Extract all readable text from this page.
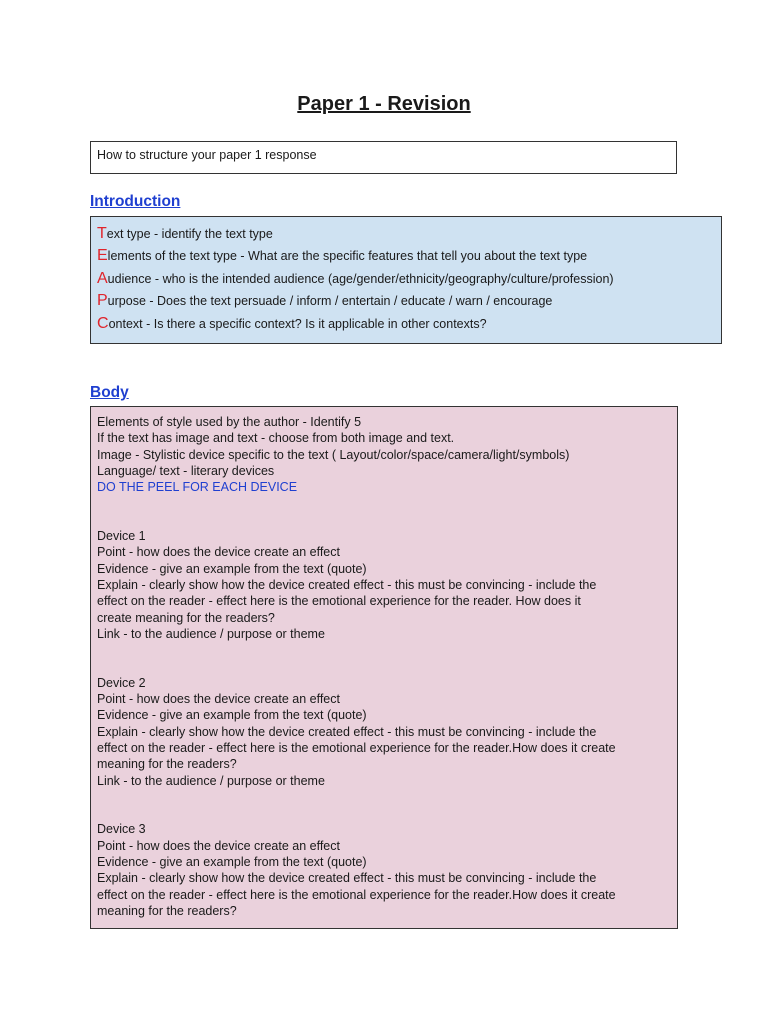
Paper 1 - Revision
How to structure your paper 1 response
Introduction
Text type - identify the text type
Elements of the text type - What are the specific features that tell you about the text type
Audience - who is the intended audience (age/gender/ethnicity/geography/culture/profession)
Purpose - Does the text persuade / inform / entertain / educate / warn / encourage
Context - Is there a specific context? Is it applicable in other contexts?
Body
Elements of style used by the author - Identify 5
If the text has image and text - choose from both image and text.
Image - Stylistic device specific to the text ( Layout/color/space/camera/light/symbols)
Language/ text - literary devices
DO THE PEEL FOR EACH DEVICE
Device 1
Point - how does the device create an effect
Evidence - give an example from the text (quote)
Explain - clearly show how the device created effect - this must be convincing - include the
effect on the reader - effect here is the emotional experience for the reader. How does it
create meaning for the readers?
Link - to the audience / purpose or theme
Device 2
Point - how does the device create an effect
Evidence - give an example from the text (quote)
Explain - clearly show how the device created effect - this must be convincing - include the
effect on the reader - effect here is the emotional experience for the reader.How does it create
meaning for the readers?
Link - to the audience / purpose or theme
Device 3
Point - how does the device create an effect
Evidence - give an example from the text (quote)
Explain - clearly show how the device created effect - this must be convincing - include the
effect on the reader - effect here is the emotional experience for the reader.How does it create
meaning for the readers?
